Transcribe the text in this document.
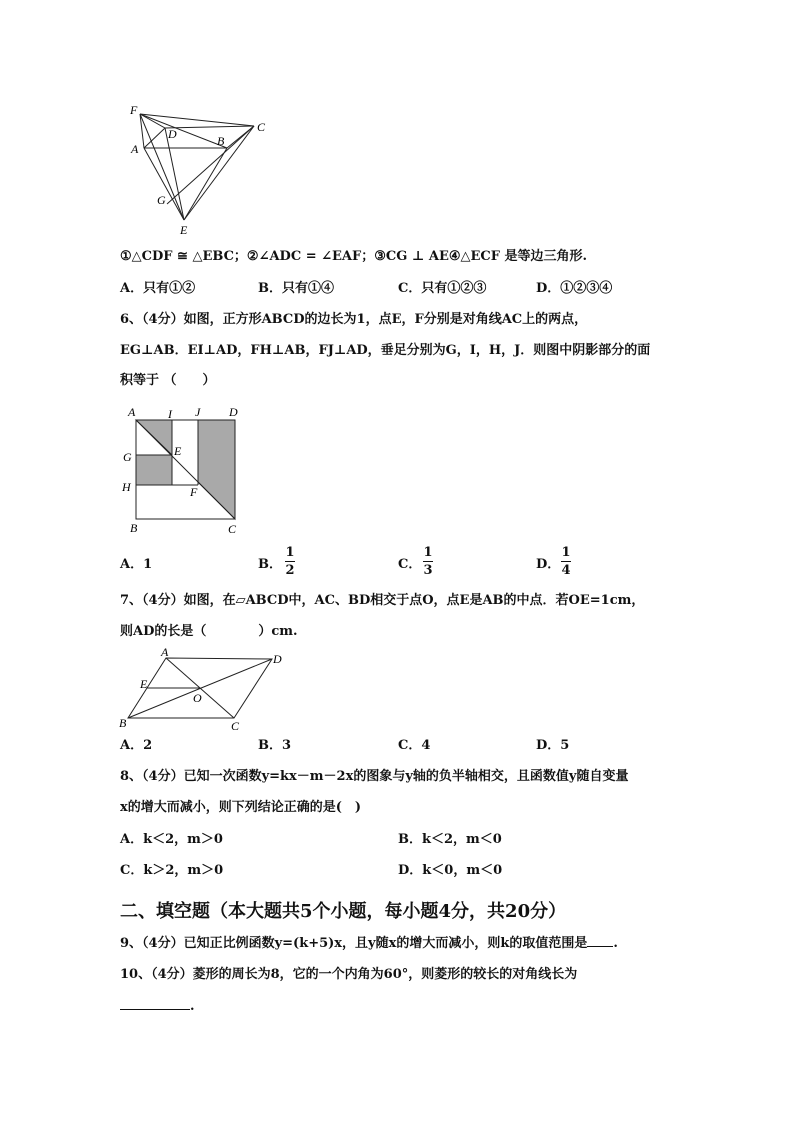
F
D	C
A
B
G
E
①△CDF ≅ △EBC；②∠ADC = ∠EAF；③CG ⊥ AE④△ECF 是等边三角形.
A．只有①②	B．只有①④	C．只有①②③	D．①②③④
6、（4分）如图，正方形ABCD的边长为1，点E，F分别是对角线AC上的两点，
EG⊥AB．EI⊥AD，FH⊥AB，FJ⊥AD，垂足分别为G，I，H，J．则图中阴影部分的面
积等于 （　　）
A	I J D
G	E
H	F
B	C
A．1	B．
1
2	C．
1
3	D．
1
4
7、（4分）如图，在▱ABCD中，AC、BD相交于点O，点E是AB的中点．若OE=1cm，
则AD的长是（　　　　）cm.
A	D
E
O
B	C
A．2	B．3	C．4	D．5
8、（4分）已知一次函数y=kx－m－2x的图象与y轴的负半轴相交，且函数值y随自变量
x的增大而减小，则下列结论正确的是(　)
A．k＜2，m＞0	B．k＜2，m＜0
C．k＞2，m＞0	D．k＜0，m＜0
二、填空题（本大题共5个小题，每小题4分，共20分）
9、（4分）已知正比例函数y=(k+5)x，且y随x的增大而减小，则k的取值范围是 .
10、（4分）菱形的周长为8，它的一个内角为60°，则菱形的较长的对角线长为
.
